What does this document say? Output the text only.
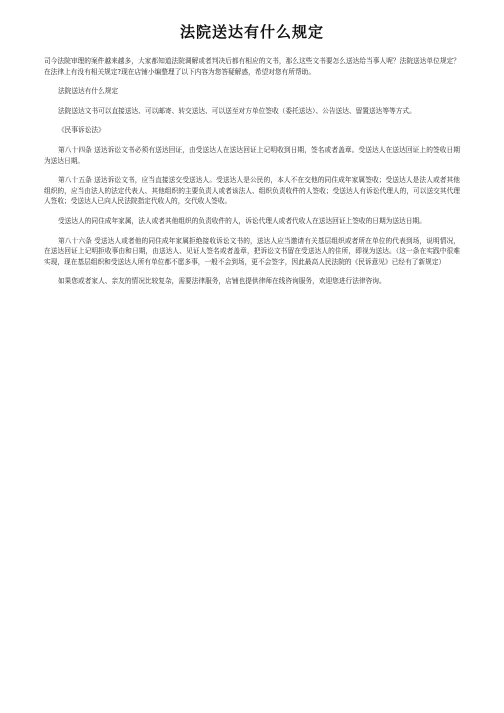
法院送达有什么规定

司今法院审理的案件越来越多，大家都知道法院调解或者判决后都有相应的文书，那么这些文书要怎么送达给当事人呢？法院送达单位规定？在法律上有没有相关规定?现在店铺小编整理了以下内容为您答疑解惑，希望对您有所帮助。

法院送达有什么规定

法院送达文书可以直接送达、可以邮寄、转交送达、可以送至对方单位签收（委托送达）、公告送达、留置送达等等方式。

《民事诉讼法》

第八十四条 送达诉讼文书必须有送达回证，由受送达人在送达回证上记明收到日期，签名或者盖章。受送达人在送达回证上的签收日期为送达日期。

第八十五条 送达诉讼文书，应当直接送交受送达人。受送达人是公民的，本人不在交他的同住成年家属签收；受送达人是法人或者其他组织的，应当由法人的法定代表人、其他组织的主要负责人或者该法人、组织负责收件的人签收；受送达人有诉讼代理人的，可以送交其代理人签收；受送达人已向人民法院指定代收人的，交代收人签收。

受送达人的同住成年家属，法人或者其他组织的负责收件的人，诉讼代理人或者代收人在送达回证上签收的日期为送达日期。

第八十六条 受送达人或者他的同住成年家属拒绝接收诉讼文书的，送达人应当邀请有关基层组织或者所在单位的代表到场，说明情况，在送达回证上记明拒收事由和日期，由送达人、见证人签名或者盖章，把诉讼文书留在受送达人的住所，即视为送达。（这一条在实践中很难实现，现在基层组织和受送达人所有单位都不愿多事，一般不会到场，更不会签字，因此最高人民法院的《民诉意见》已经有了新规定）

如果您或者家人、亲友的情况比较复杂，需要法律服务，店铺也提供律师在线咨询服务，欢迎您进行法律咨询。
